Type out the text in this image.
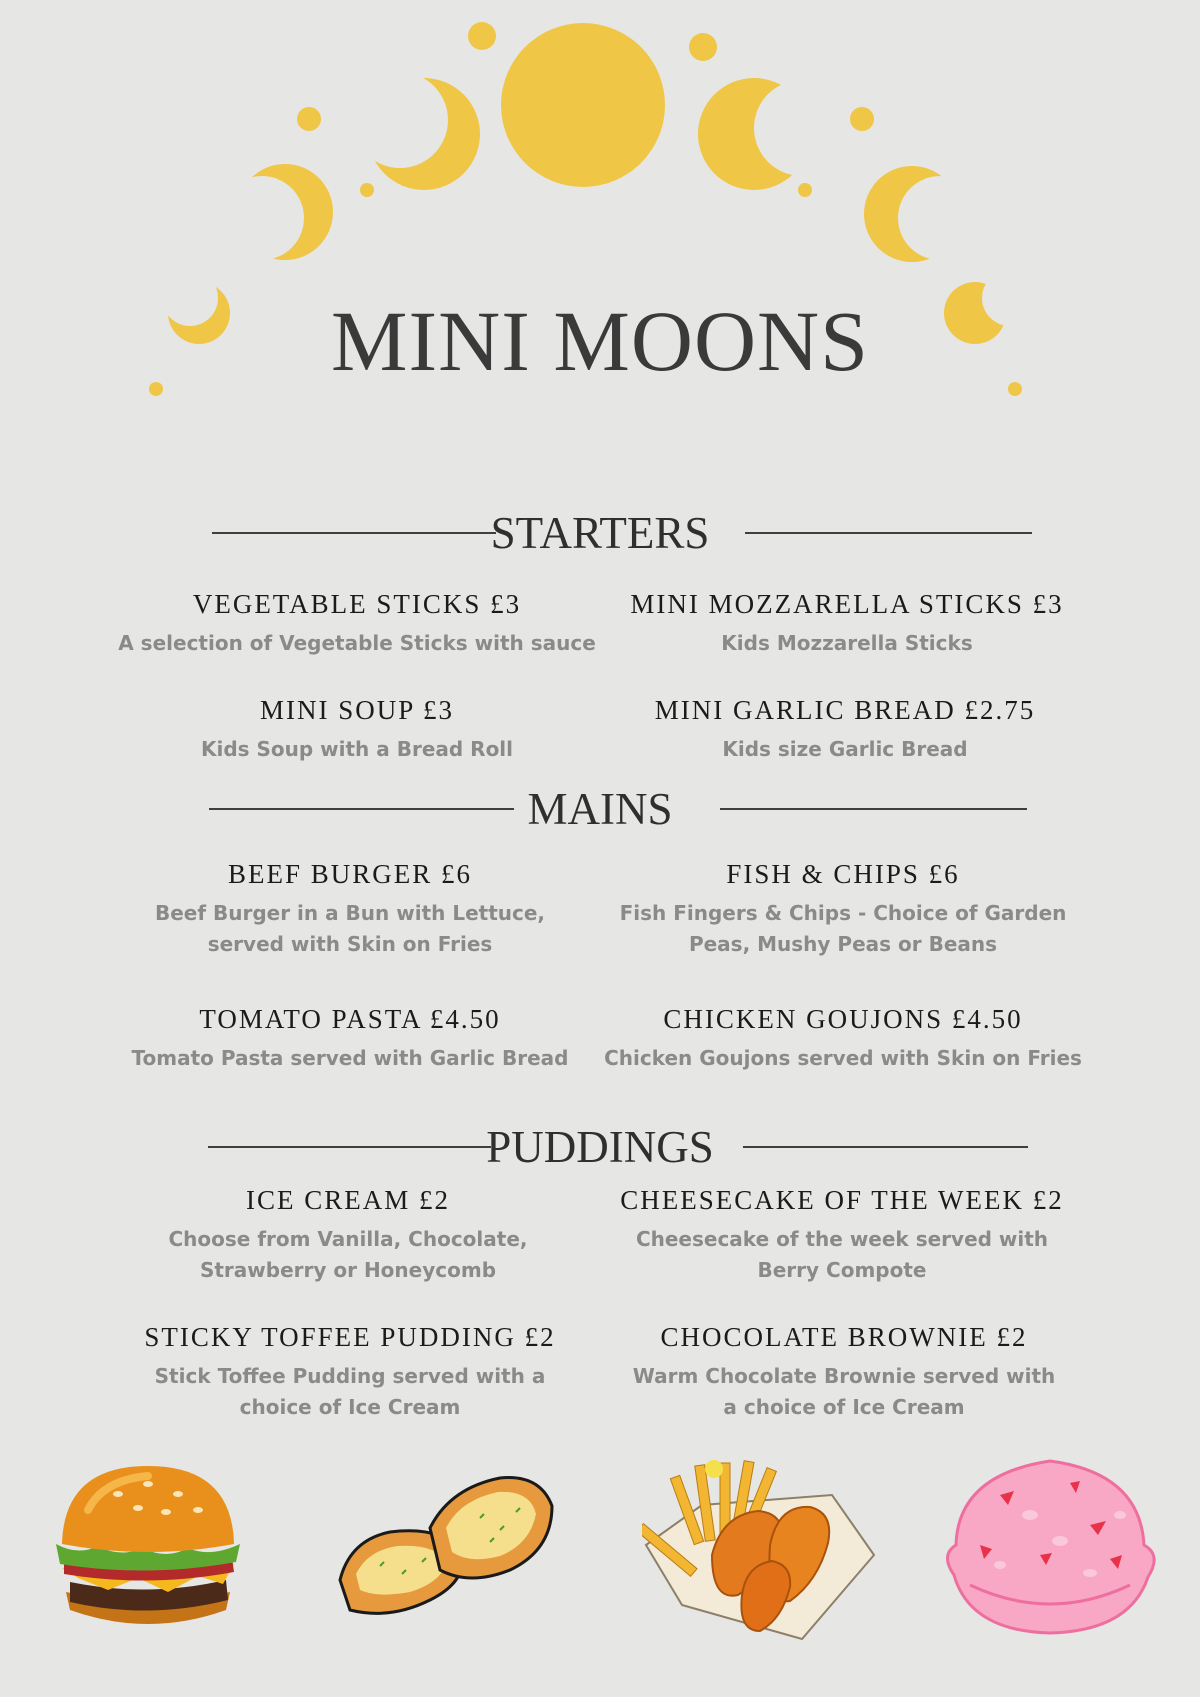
MINI MOONS
STARTERS
VEGETABLE STICKS £3
A selection of Vegetable Sticks with sauce
MINI MOZZARELLA STICKS £3
Kids Mozzarella Sticks
MINI SOUP £3
Kids Soup with a Bread Roll
MINI GARLIC BREAD £2.75
Kids size Garlic Bread
MAINS
BEEF BURGER £6
Beef Burger in a Bun with Lettuce, served with Skin on Fries
FISH & CHIPS £6
Fish Fingers & Chips - Choice of Garden Peas, Mushy Peas or Beans
TOMATO PASTA £4.50
Tomato Pasta served with Garlic Bread
CHICKEN GOUJONS £4.50
Chicken Goujons served with Skin on Fries
PUDDINGS
ICE CREAM £2
Choose from Vanilla, Chocolate, Strawberry or Honeycomb
CHEESECAKE OF THE WEEK £2
Cheesecake of the week served with Berry Compote
STICKY TOFFEE PUDDING £2
Stick Toffee Pudding served with a choice of Ice Cream
CHOCOLATE BROWNIE £2
Warm Chocolate Brownie served with a choice of Ice Cream
